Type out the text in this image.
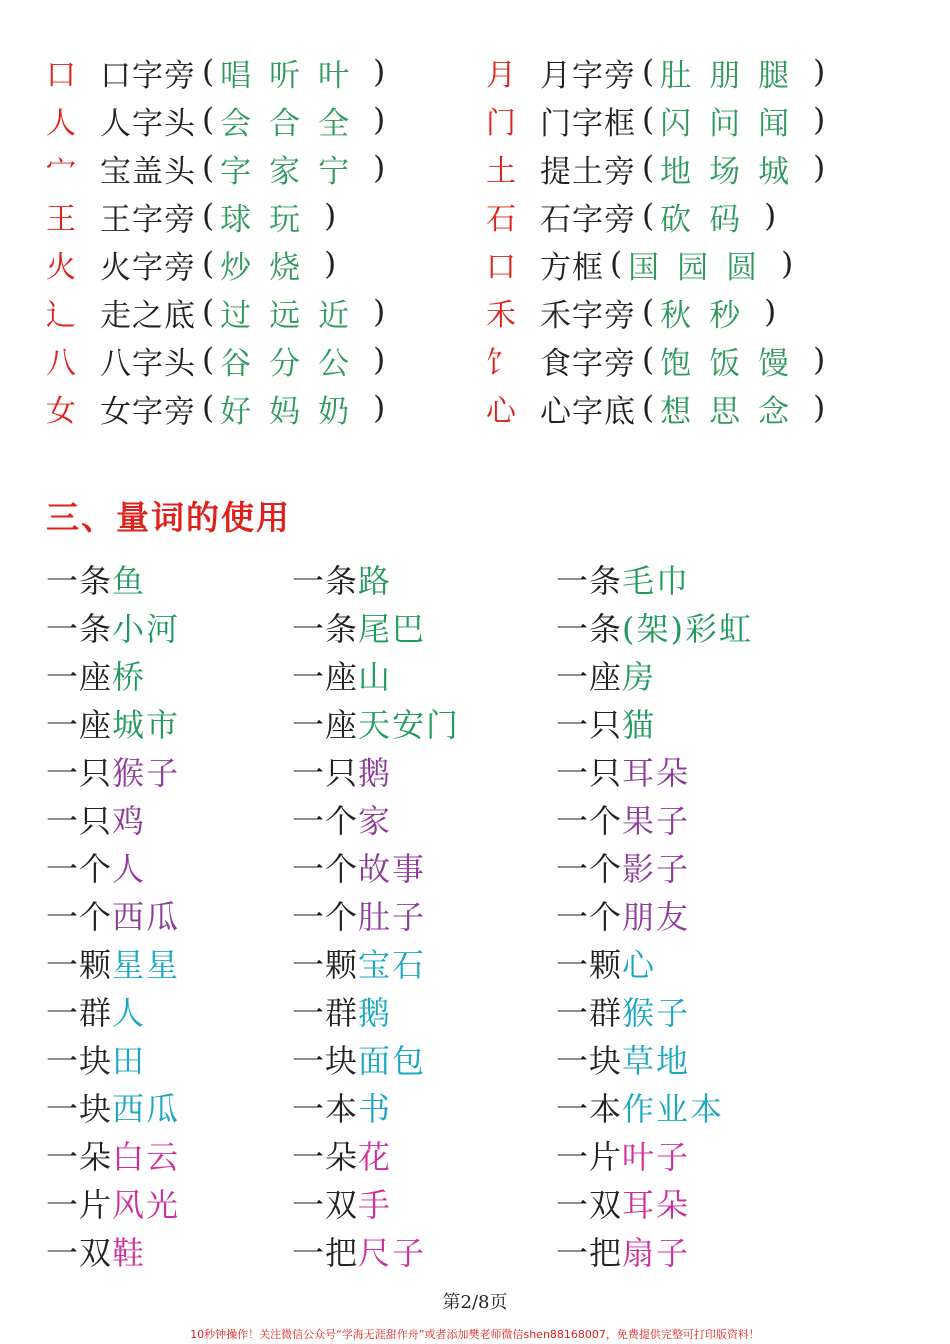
口 口字旁 ( 唱听叶 )
人 人字头 ( 会合全 )
宀 宝盖头 ( 字家宁 )
王 王字旁 ( 球玩 )
火 火字旁 ( 炒烧 )
辶 走之底 ( 过远近 )
八 八字头 ( 谷分公 )
女 女字旁 ( 好妈奶 )
月 月字旁 ( 肚朋腿 )
门 门字框 ( 闪问闻 )
土 提土旁 ( 地场城 )
石 石字旁 ( 砍码 )
口 方框 ( 国园圆 )
禾 禾字旁 ( 秋秒 )
饣 食字旁 ( 饱饭馒 )
心 心字底 ( 想思念 )
三、量词的使用
一条 鱼
一条 小河
一座 桥
一座 城市
一只 猴子
一只 鸡
一个 人
一个 西瓜
一颗 星星
一群 人
一块 田
一块 西瓜
一朵 白云
一片 风光
一双 鞋
一条 路
一条 尾巴
一座 山
一座 天安门
一只 鹅
一个 家
一个 故事
一个 肚子
一颗 宝石
一群 鹅
一块 面包
一本 书
一朵 花
一双 手
一把 尺子
一条 毛巾
一条 (架)彩虹
一座 房
一只 猫
一只 耳朵
一个 果子
一个 影子
一个 朋友
一颗 心
一群 猴子
一块 草地
一本 作业本
一片 叶子
一双 耳朵
一把 扇子
第2/8页
10秒钟操作！关注微信公众号“学海无涯甜作舟”或者添加樊老师微信shen88168007，免费提供完整可打印版资料！
